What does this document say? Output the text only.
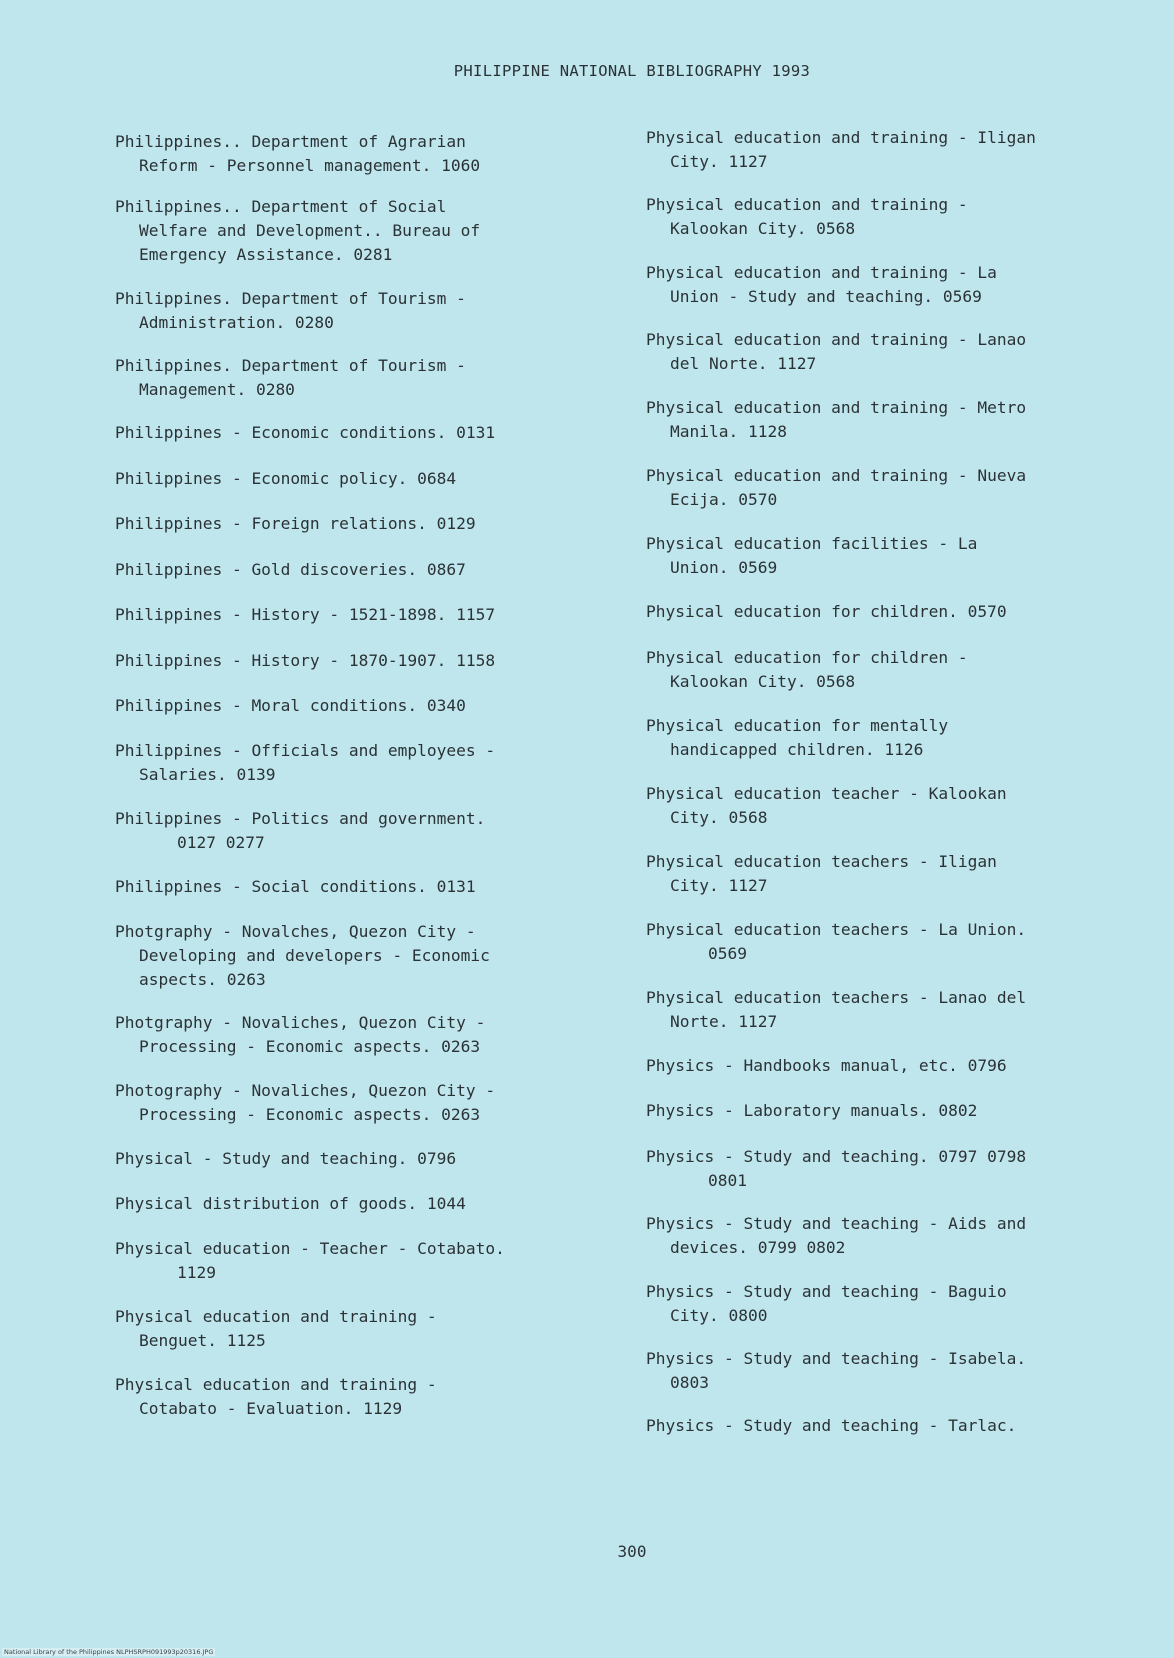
PHILIPPINE NATIONAL BIBLIOGRAPHY 1993
Philippines.. Department of Agrarian
Reform - Personnel management. 1060
Philippines.. Department of Social
Welfare and Development.. Bureau of
Emergency Assistance. 0281
Philippines. Department of Tourism -
Administration. 0280
Philippines. Department of Tourism -
Management. 0280
Philippines - Economic conditions. 0131
Philippines - Economic policy. 0684
Philippines - Foreign relations. 0129
Philippines - Gold discoveries. 0867
Philippines - History - 1521-1898. 1157
Philippines - History - 1870-1907. 1158
Philippines - Moral conditions. 0340
Philippines - Officials and employees -
Salaries. 0139
Philippines - Politics and government.
0127 0277
Philippines - Social conditions. 0131
Photgraphy - Novalches, Quezon City -
Developing and developers - Economic
aspects. 0263
Photgraphy - Novaliches, Quezon City -
Processing - Economic aspects. 0263
Photography - Novaliches, Quezon City -
Processing - Economic aspects. 0263
Physical - Study and teaching. 0796
Physical distribution of goods. 1044
Physical education - Teacher - Cotabato.
1129
Physical education and training -
Benguet. 1125
Physical education and training -
Cotabato - Evaluation. 1129
Physical education and training - Iligan
City. 1127
Physical education and training -
Kalookan City. 0568
Physical education and training - La
Union - Study and teaching. 0569
Physical education and training - Lanao
del Norte. 1127
Physical education and training - Metro
Manila. 1128
Physical education and training - Nueva
Ecija. 0570
Physical education facilities - La
Union. 0569
Physical education for children. 0570
Physical education for children -
Kalookan City. 0568
Physical education for mentally
handicapped children. 1126
Physical education teacher - Kalookan
City. 0568
Physical education teachers - Iligan
City. 1127
Physical education teachers - La Union.
0569
Physical education teachers - Lanao del
Norte. 1127
Physics - Handbooks manual, etc. 0796
Physics - Laboratory manuals. 0802
Physics - Study and teaching. 0797 0798
0801
Physics - Study and teaching - Aids and
devices. 0799 0802
Physics - Study and teaching - Baguio
City. 0800
Physics - Study and teaching - Isabela.
0803
Physics - Study and teaching - Tarlac.
300
National Library of the Philippines NLPHSRPH091993p20316.JPG
